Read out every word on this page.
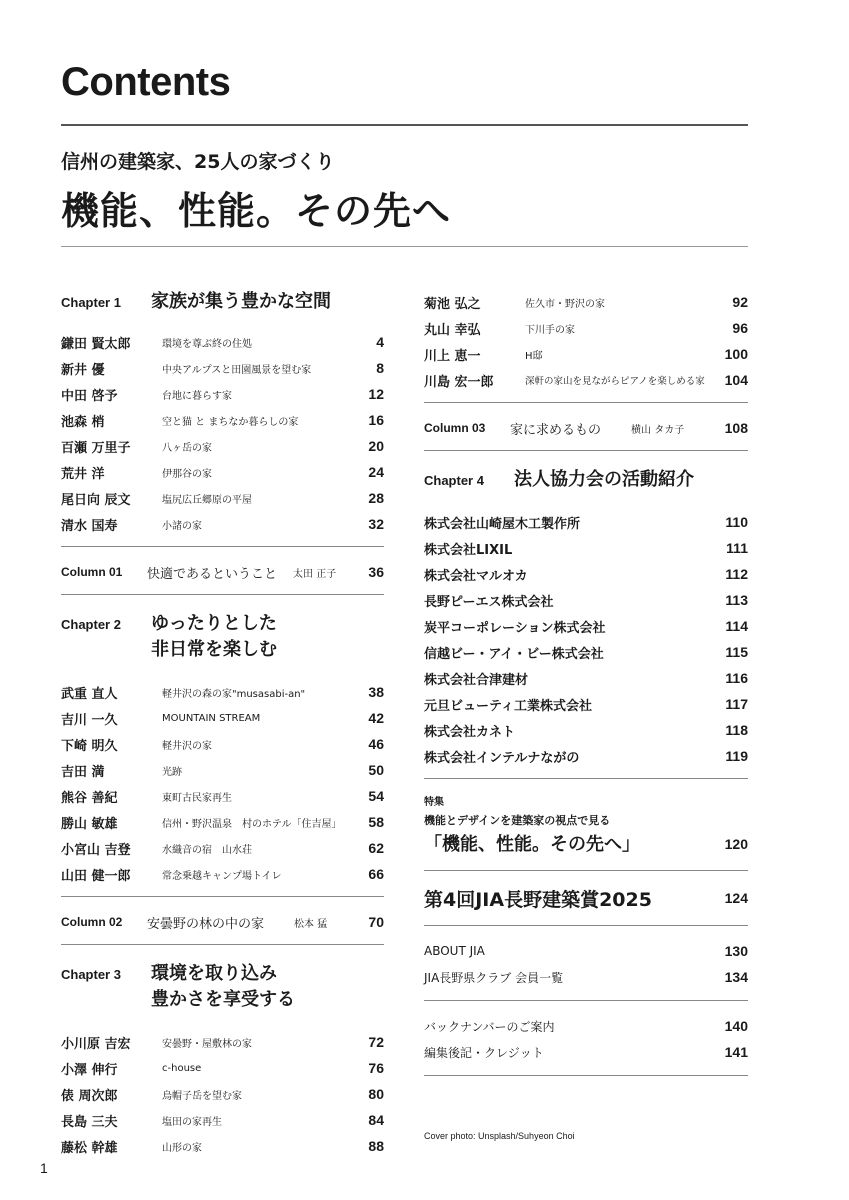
Contents
信州の建築家、25人の家づくり
機能、性能。その先へ
Chapter 1	家族が集う豊かな空間
鎌田 賢太郎	環境を尊ぶ終の住処	4
新井 優	中央アルプスと田園風景を望む家	8
中田 啓予	台地に暮らす家	12
池森 梢	空と猫 と まちなか暮らしの家	16
百瀬 万里子	八ヶ岳の家	20
荒井 洋	伊那谷の家	24
尾日向 辰文	塩尻広丘郷原の平屋	28
清水 国寿	小諸の家	32
Column 01	快適であるということ 太田 正子	36
Chapter 2	ゆったりとした
非日常を楽しむ
武重 直人	軽井沢の森の家"musasabi-an"	38
吉川 一久	MOUNTAIN STREAM	42
下崎 明久	軽井沢の家	46
吉田 満	光跡	50
熊谷 善紀	東町古民家再生	54
勝山 敏雄	信州・野沢温泉　村のホテル「住吉屋」	58
小宮山 吉登	水織音の宿　山水荘	62
山田 健一郎	常念乗越キャンプ場トイレ	66
Column 02	安曇野の林の中の家	松本 猛	70
Chapter 3	環境を取り込み
豊かさを享受する
小川原 吉宏	安曇野・屋敷林の家	72
小澤 伸行	c-house	76
俵 周次郎	烏帽子岳を望む家	80
長島 三夫	塩田の家再生	84
藤松 幹雄	山形の家	88
菊池 弘之	佐久市・野沢の家	92
丸山 幸弘	下川手の家	96
川上 恵一	H邸	100
川島 宏一郎	深軒の家山を見ながらピアノを楽しめる家	104
Column 03	家に求めるもの	横山 タカ子	108
Chapter 4	法人協力会の活動紹介
株式会社山崎屋木工製作所	110
株式会社LIXIL	111
株式会社マルオカ	112
長野ピーエス株式会社	113
炭平コーポレーション株式会社	114
信越ビー・アイ・ビー株式会社	115
株式会社合津建材	116
元旦ビューティ工業株式会社	117
株式会社カネト	118
株式会社インテルナながの	119
特集
機能とデザインを建築家の視点で見る
「機能、性能。その先へ」	120
第4回JIA長野建築賞2025	124
ABOUT JIA	130
JIA長野県クラブ 会員一覧	134
バックナンバーのご案内	140
編集後記・クレジット	141
Cover photo: Unsplash/Suhyeon Choi
1
